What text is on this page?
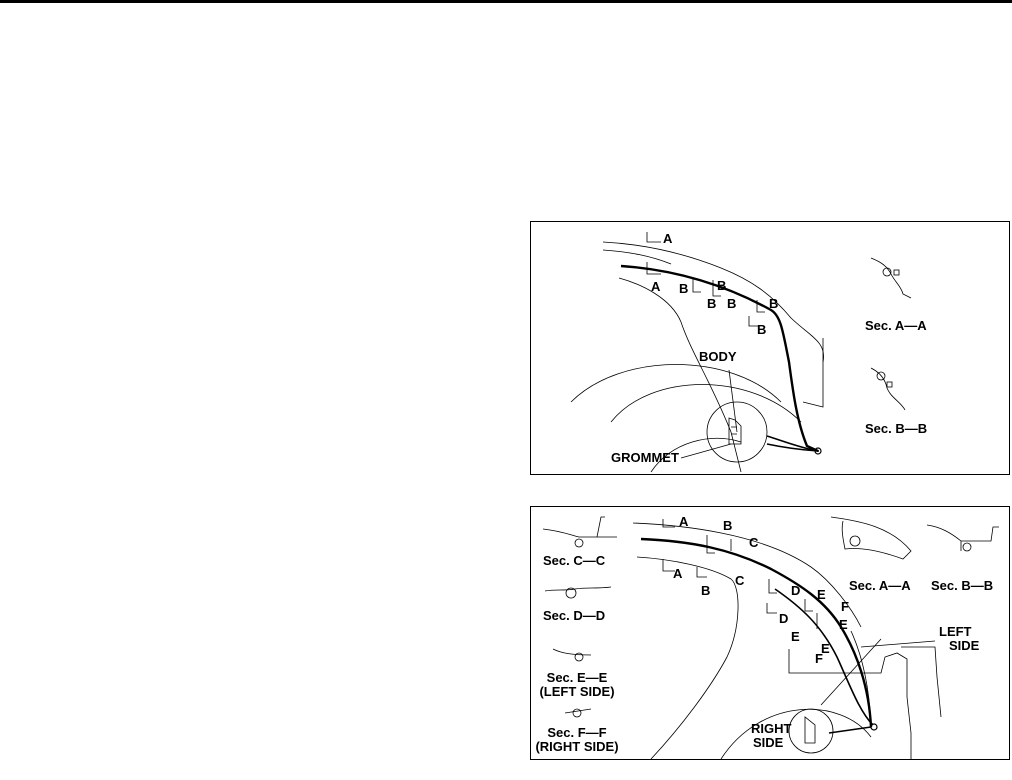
A
A B B
B	B
B
B
BODY
GROMMET
Sec. A—A
Sec. B—B
A
A
B
B
C
C
D
D
E
E
E
E
F
F
Sec. C—C
Sec. D—D
Sec. E—E
(LEFT SIDE)
Sec. F—F
(RIGHT SIDE)
Sec. A—A Sec. B—B
LEFT
SIDE
RIGHT
SIDE
